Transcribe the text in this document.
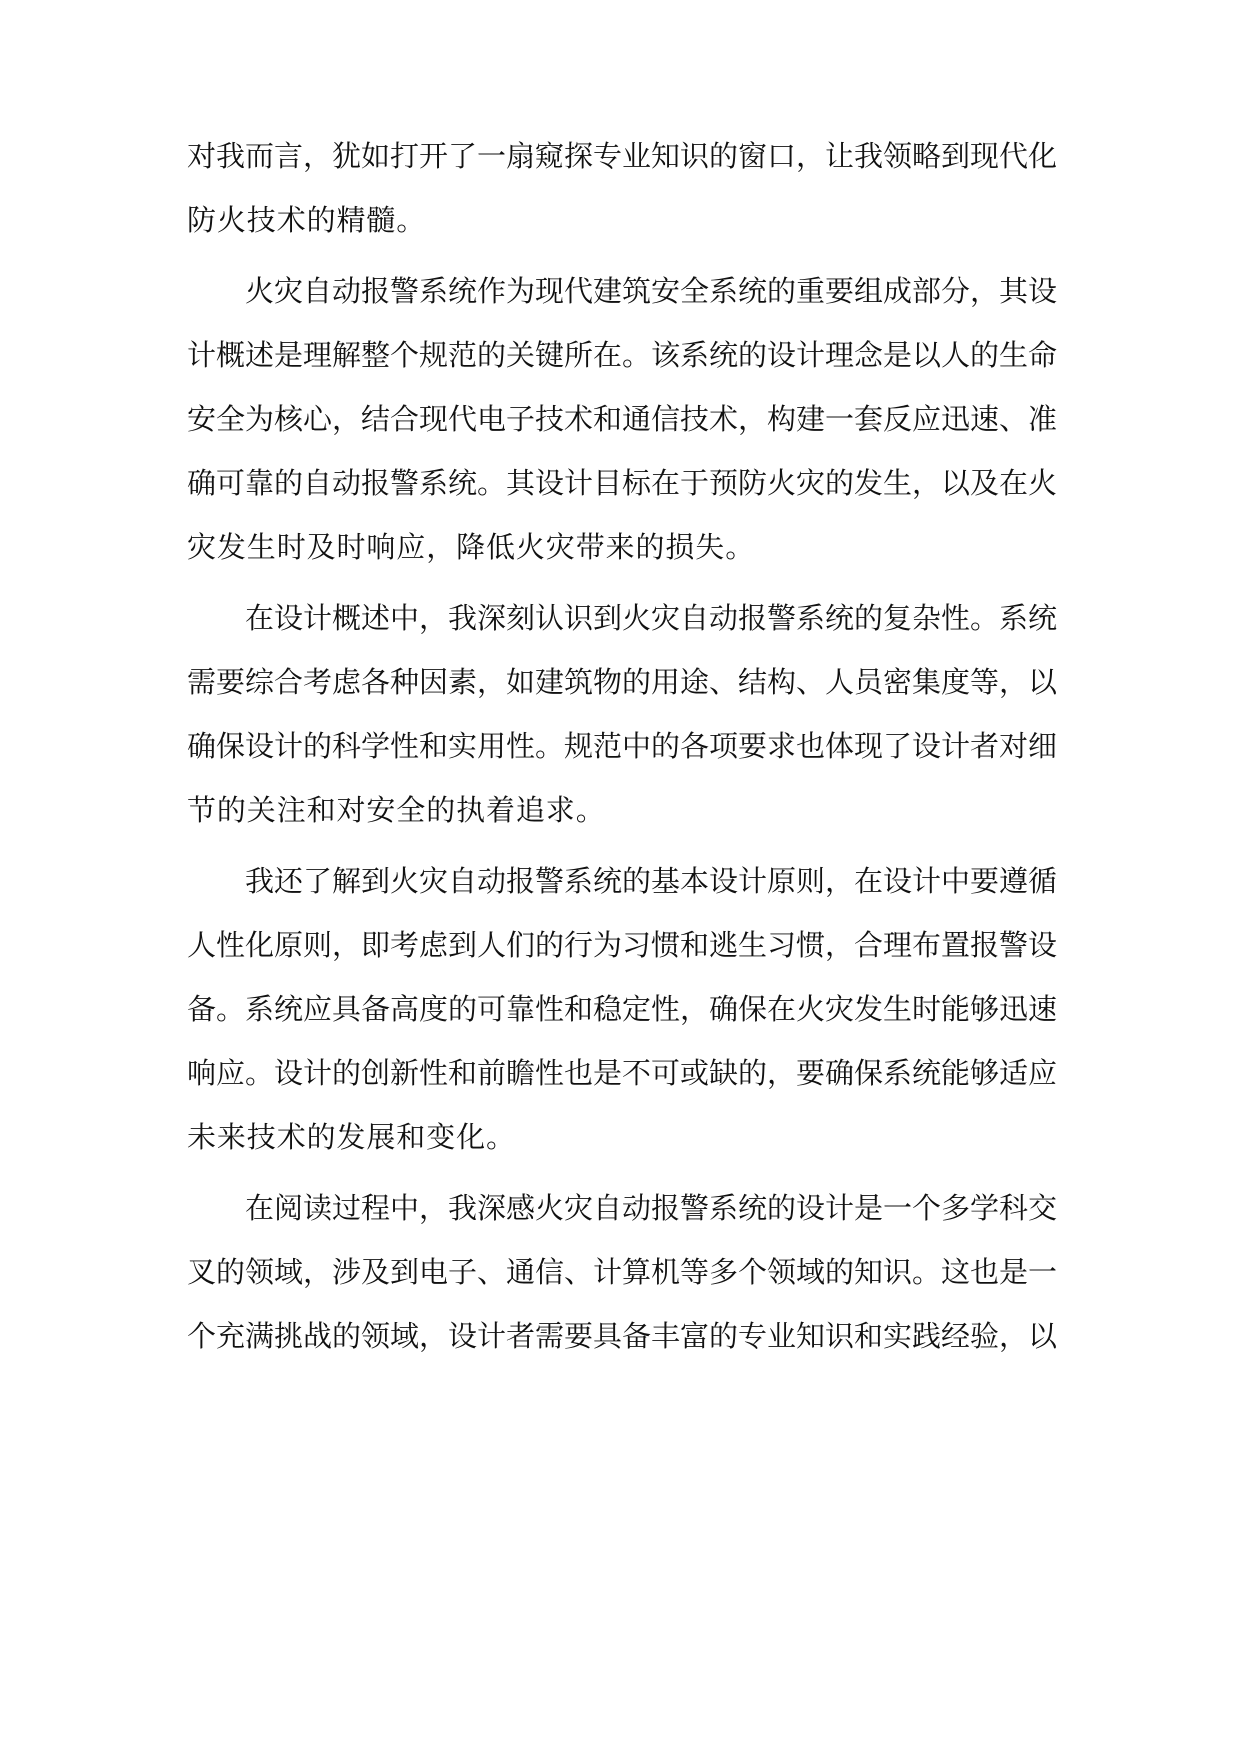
对我而言，犹如打开了一扇窥探专业知识的窗口，让我领略到现代化

防火技术的精髓。

火灾自动报警系统作为现代建筑安全系统的重要组成部分，其设

计概述是理解整个规范的关键所在。该系统的设计理念是以人的生命

安全为核心，结合现代电子技术和通信技术，构建一套反应迅速、准

确可靠的自动报警系统。其设计目标在于预防火灾的发生，以及在火

灾发生时及时响应，降低火灾带来的损失。

在设计概述中，我深刻认识到火灾自动报警系统的复杂性。系统

需要综合考虑各种因素，如建筑物的用途、结构、人员密集度等，以

确保设计的科学性和实用性。规范中的各项要求也体现了设计者对细

节的关注和对安全的执着追求。

我还了解到火灾自动报警系统的基本设计原则，在设计中要遵循

人性化原则，即考虑到人们的行为习惯和逃生习惯，合理布置报警设

备。系统应具备高度的可靠性和稳定性，确保在火灾发生时能够迅速

响应。设计的创新性和前瞻性也是不可或缺的，要确保系统能够适应

未来技术的发展和变化。

在阅读过程中，我深感火灾自动报警系统的设计是一个多学科交

叉的领域，涉及到电子、通信、计算机等多个领域的知识。这也是一

个充满挑战的领域，设计者需要具备丰富的专业知识和实践经验，以
